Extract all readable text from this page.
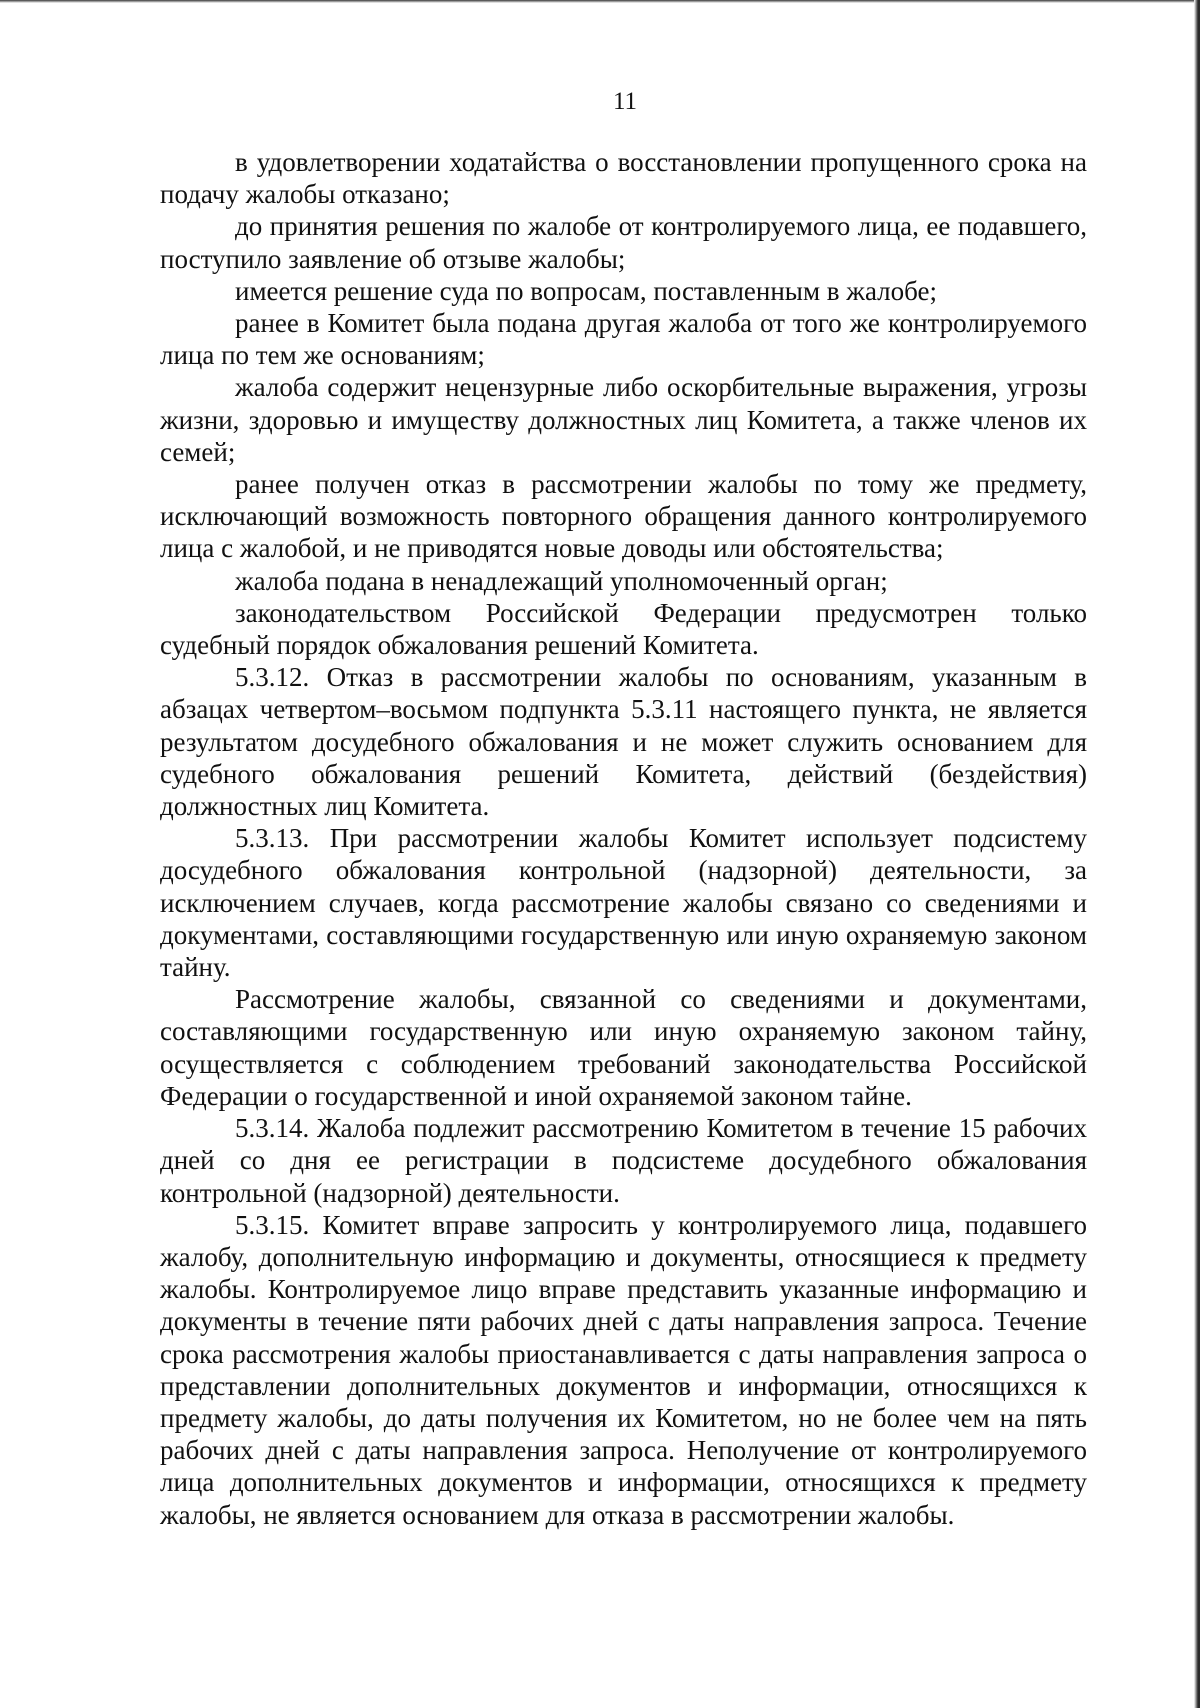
11

в удовлетворении ходатайства о восстановлении пропущенного срока на подачу жалобы отказано;

до принятия решения по жалобе от контролируемого лица, ее подавшего, поступило заявление об отзыве жалобы;

имеется решение суда по вопросам, поставленным в жалобе;

ранее в Комитет была подана другая жалоба от того же контролируемого лица по тем же основаниям;

жалоба содержит нецензурные либо оскорбительные выражения, угрозы жизни, здоровью и имуществу должностных лиц Комитета, а также членов их семей;

ранее получен отказ в рассмотрении жалобы по тому же предмету, исключающий возможность повторного обращения данного контролируемого лица с жалобой, и не приводятся новые доводы или обстоятельства;

жалоба подана в ненадлежащий уполномоченный орган;

законодательством Российской Федерации предусмотрен только судебный порядок обжалования решений Комитета.

5.3.12. Отказ в рассмотрении жалобы по основаниям, указанным в абзацах четвертом–восьмом подпункта 5.3.11 настоящего пункта, не является результатом досудебного обжалования и не может служить основанием для судебного обжалования решений Комитета, действий (бездействия) должностных лиц Комитета.

5.3.13. При рассмотрении жалобы Комитет использует подсистему досудебного обжалования контрольной (надзорной) деятельности, за исключением случаев, когда рассмотрение жалобы связано со сведениями и документами, составляющими государственную или иную охраняемую законом тайну.

Рассмотрение жалобы, связанной со сведениями и документами, составляющими государственную или иную охраняемую законом тайну, осуществляется с соблюдением требований законодательства Российской Федерации о государственной и иной охраняемой законом тайне.

5.3.14. Жалоба подлежит рассмотрению Комитетом в течение 15 рабочих дней со дня ее регистрации в подсистеме досудебного обжалования контрольной (надзорной) деятельности.

5.3.15. Комитет вправе запросить у контролируемого лица, подавшего жалобу, дополнительную информацию и документы, относящиеся к предмету жалобы. Контролируемое лицо вправе представить указанные информацию и документы в течение пяти рабочих дней с даты направления запроса. Течение срока рассмотрения жалобы приостанавливается с даты направления запроса о представлении дополнительных документов и информации, относящихся к предмету жалобы, до даты получения их Комитетом, но не более чем на пять рабочих дней с даты направления запроса. Неполучение от контролируемого лица дополнительных документов и информации, относящихся к предмету жалобы, не является основанием для отказа в рассмотрении жалобы.
